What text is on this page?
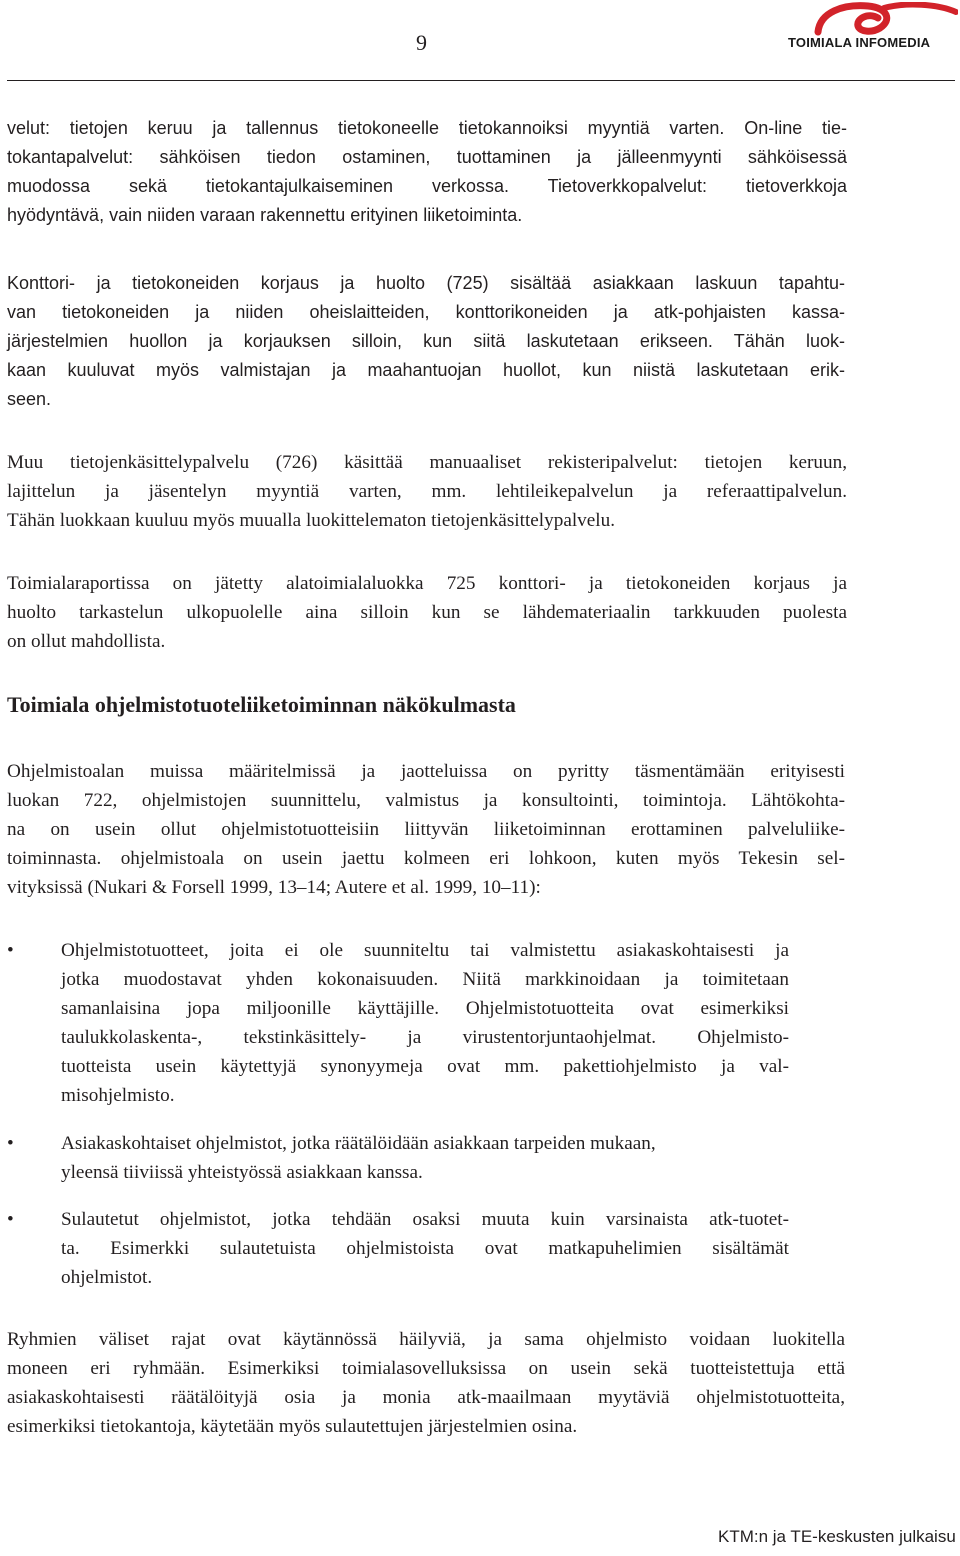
9	TOIMIALA INFOMEDIA
velut: tietojen keruu ja tallennus tietokoneelle tietokannoiksi myyntiä varten. On-line tie-
tokantapalvelut: sähköisen tiedon ostaminen, tuottaminen ja jälleenmyynti sähköisessä
muodossa sekä tietokantajulkaiseminen verkossa. Tietoverkkopalvelut: tietoverkkoja
hyödyntävä, vain niiden varaan rakennettu erityinen liiketoiminta.
Konttori- ja tietokoneiden korjaus ja huolto (725) sisältää asiakkaan laskuun tapahtu-
van tietokoneiden ja niiden oheislaitteiden, konttorikoneiden ja atk-pohjaisten kassa-
järjestelmien huollon ja korjauksen silloin, kun siitä laskutetaan erikseen. Tähän luok-
kaan kuuluvat myös valmistajan ja maahantuojan huollot, kun niistä laskutetaan erik-
seen.
Muu tietojenkäsittelypalvelu (726) käsittää manuaaliset rekisteripalvelut: tietojen keruun,
lajittelun ja jäsentelyn myyntiä varten, mm. lehtileikepalvelun ja referaattipalvelun.
Tähän luokkaan kuuluu myös muualla luokittelematon tietojenkäsittelypalvelu.
Toimialaraportissa on jätetty alatoimialaluokka 725 konttori- ja tietokoneiden korjaus ja
huolto tarkastelun ulkopuolelle aina silloin kun se lähdemateriaalin tarkkuuden puolesta
on ollut mahdollista.
Toimiala ohjelmistotuoteliiketoiminnan näkökulmasta
Ohjelmistoalan muissa määritelmissä ja jaotteluissa on pyritty täsmentämään erityisesti
luokan 722, ohjelmistojen suunnittelu, valmistus ja konsultointi, toimintoja. Lähtökohta-
na on usein ollut ohjelmistotuotteisiin liittyvän liiketoiminnan erottaminen palveluliike-
toiminnasta. ohjelmistoala on usein jaettu kolmeen eri lohkoon, kuten myös Tekesin sel-
vityksissä (Nukari & Forsell 1999, 13–14; Autere et al. 1999, 10–11):
• Ohjelmistotuotteet, joita ei ole suunniteltu tai valmistettu asiakaskohtaisesti ja
jotka muodostavat yhden kokonaisuuden. Niitä markkinoidaan ja toimitetaan
samanlaisina jopa miljoonille käyttäjille. Ohjelmistotuotteita ovat esimerkiksi
taulukkolaskenta-, tekstinkäsittely- ja virustentorjuntaohjelmat. Ohjelmisto-
tuotteista usein käytettyjä synonyymeja ovat mm. pakettiohjelmisto ja val-
misohjelmisto.
• Asiakaskohtaiset ohjelmistot, jotka räätälöidään asiakkaan tarpeiden mukaan,
yleensä tiiviissä yhteistyössä asiakkaan kanssa.
• Sulautetut ohjelmistot, jotka tehdään osaksi muuta kuin varsinaista atk-tuotet-
ta. Esimerkki sulautetuista ohjelmistoista ovat matkapuhelimien sisältämät
ohjelmistot.
Ryhmien väliset rajat ovat käytännössä häilyviä, ja sama ohjelmisto voidaan luokitella
moneen eri ryhmään. Esimerkiksi toimialasovelluksissa on usein sekä tuotteistettuja että
asiakaskohtaisesti räätälöityjä osia ja monia atk-maailmaan myytäviä ohjelmistotuotteita,
esimerkiksi tietokantoja, käytetään myös sulautettujen järjestelmien osina.
KTM:n ja TE-keskusten julkaisu
